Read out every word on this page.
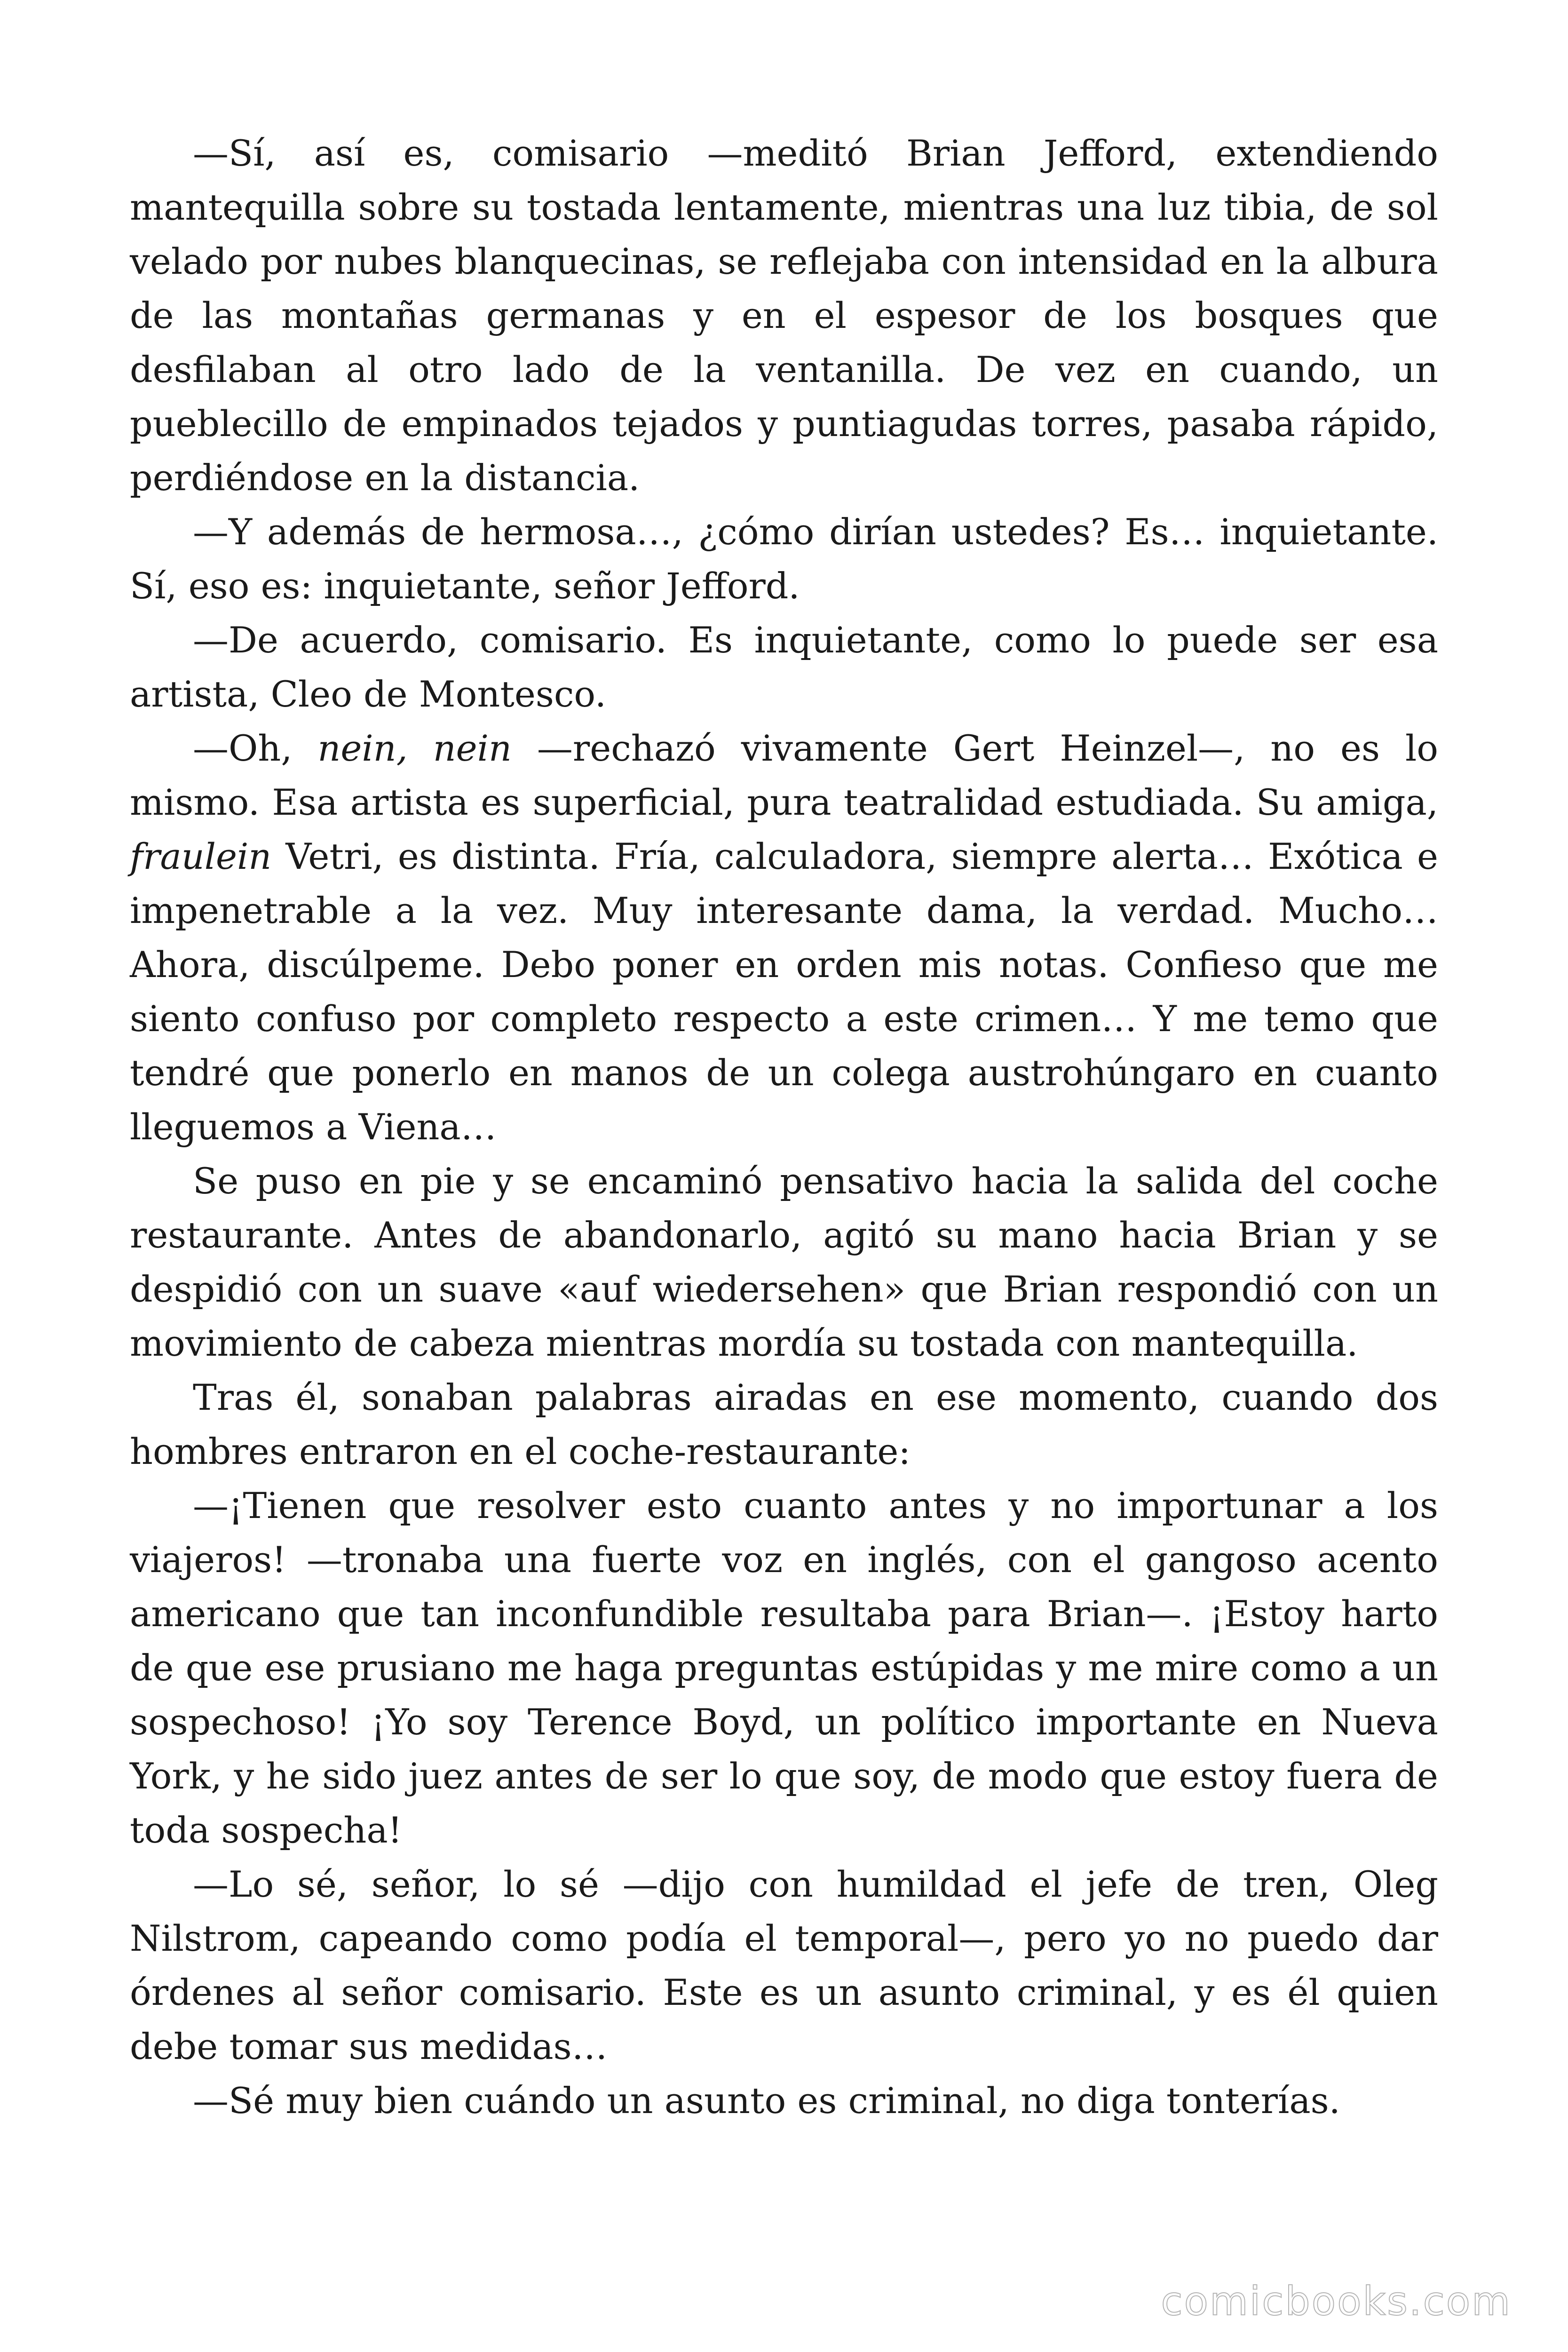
—Sí, así es, comisario —meditó Brian Jefford, extendiendo mantequilla sobre su tostada lentamente, mientras una luz tibia, de sol velado por nubes blanquecinas, se reflejaba con intensidad en la albura de las montañas germanas y en el espesor de los bosques que desfilaban al otro lado de la ventanilla. De vez en cuando, un pueblecillo de empinados tejados y puntiagudas torres, pasaba rápido, perdiéndose en la distancia.

—Y además de hermosa…, ¿cómo dirían ustedes? Es… inquietante. Sí, eso es: inquietante, señor Jefford.

—De acuerdo, comisario. Es inquietante, como lo puede ser esa artista, Cleo de Montesco.

—Oh, nein, nein —rechazó vivamente Gert Heinzel—, no es lo mismo. Esa artista es superficial, pura teatralidad estudiada. Su amiga, fraulein Vetri, es distinta. Fría, calculadora, siempre alerta… Exótica e impenetrable a la vez. Muy interesante dama, la verdad. Mucho… Ahora, discúlpeme. Debo poner en orden mis notas. Confieso que me siento confuso por completo respecto a este crimen… Y me temo que tendré que ponerlo en manos de un colega austrohúngaro en cuanto lleguemos a Viena…

Se puso en pie y se encaminó pensativo hacia la salida del coche restaurante. Antes de abandonarlo, agitó su mano hacia Brian y se despidió con un suave «auf wiedersehen» que Brian respondió con un movimiento de cabeza mientras mordía su tostada con mantequilla.

Tras él, sonaban palabras airadas en ese momento, cuando dos hombres entraron en el coche-restaurante:

—¡Tienen que resolver esto cuanto antes y no importunar a los viajeros! —tronaba una fuerte voz en inglés, con el gangoso acento americano que tan inconfundible resultaba para Brian—. ¡Estoy harto de que ese prusiano me haga preguntas estúpidas y me mire como a un sospechoso! ¡Yo soy Terence Boyd, un político importante en Nueva York, y he sido juez antes de ser lo que soy, de modo que estoy fuera de toda sospecha!

—Lo sé, señor, lo sé —dijo con humildad el jefe de tren, Oleg Nilstrom, capeando como podía el temporal—, pero yo no puedo dar órdenes al señor comisario. Este es un asunto criminal, y es él quien debe tomar sus medidas…

—Sé muy bien cuándo un asunto es criminal, no diga tonterías.

comicbooks.com
